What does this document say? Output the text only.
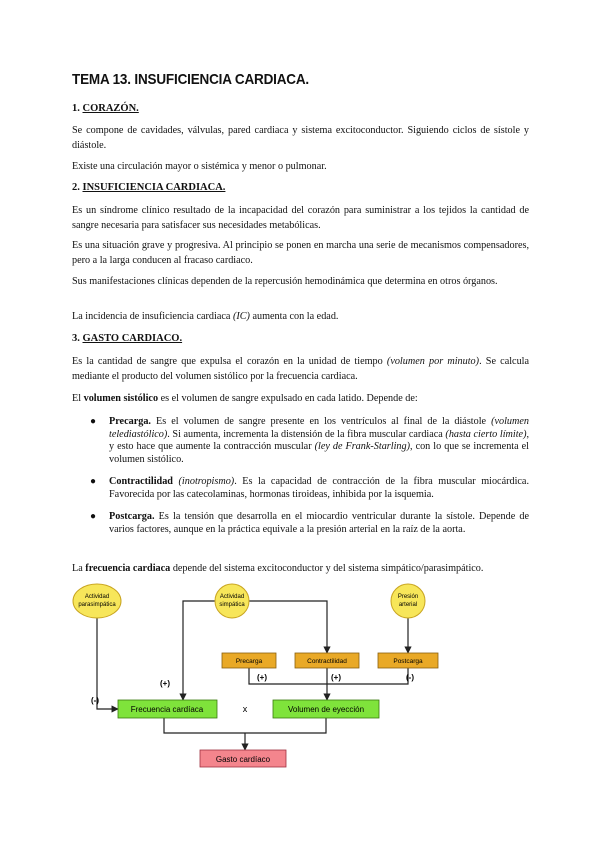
TEMA 13. INSUFICIENCIA CARDIACA.
1. CORAZÓN.

Se compone de cavidades, válvulas, pared cardiaca y sistema excitoconductor. Siguiendo ciclos de sístole y diástole.

Existe una circulación mayor o sistémica y menor o pulmonar.

2. INSUFICIENCIA CARDIACA.

Es un síndrome clínico resultado de la incapacidad del corazón para suministrar a los tejidos la cantidad de sangre necesaria para satisfacer sus necesidades metabólicas.

Es una situación grave y progresiva. Al principio se ponen en marcha una serie de mecanismos compensadores, pero a la larga conducen al fracaso cardiaco.

Sus manifestaciones clínicas dependen de la repercusión hemodinámica que determina en otros órganos.

La incidencia de insuficiencia cardiaca (IC) aumenta con la edad.

3. GASTO CARDIACO.

Es la cantidad de sangre que expulsa el corazón en la unidad de tiempo (volumen por minuto). Se calcula mediante el producto del volumen sistólico por la frecuencia cardiaca.

El volumen sistólico es el volumen de sangre expulsado en cada latido. Depende de:

● Precarga. Es el volumen de sangre presente en los ventrículos al final de la diástole (volumen telediastólico). Si aumenta, incrementa la distensión de la fibra muscular cardiaca (hasta cierto límite), y esto hace que aumente la contracción muscular (ley de Frank-Starling), con lo que se incrementa el volumen sistólico.
● Contractilidad (inotropismo). Es la capacidad de contracción de la fibra muscular miocárdica. Favorecida por las catecolaminas, hormonas tiroideas, inhibida por la isquemia.
● Postcarga. Es la tensión que desarrolla en el miocardio ventricular durante la sístole. Depende de varios factores, aunque en la práctica equivale a la presión arterial en la raíz de la aorta.

La frecuencia cardiaca depende del sistema excitoconductor y del sistema simpático/parasimpático.

Actividad
parasimpática
Actividad
simpática
Presión
arterial
Precarga	Contractilidad	Postcarga
(+)	(+)	(-)
(-)
(+)
Frecuencia cardíaca	x	Volumen de eyección
Gasto cardíaco
